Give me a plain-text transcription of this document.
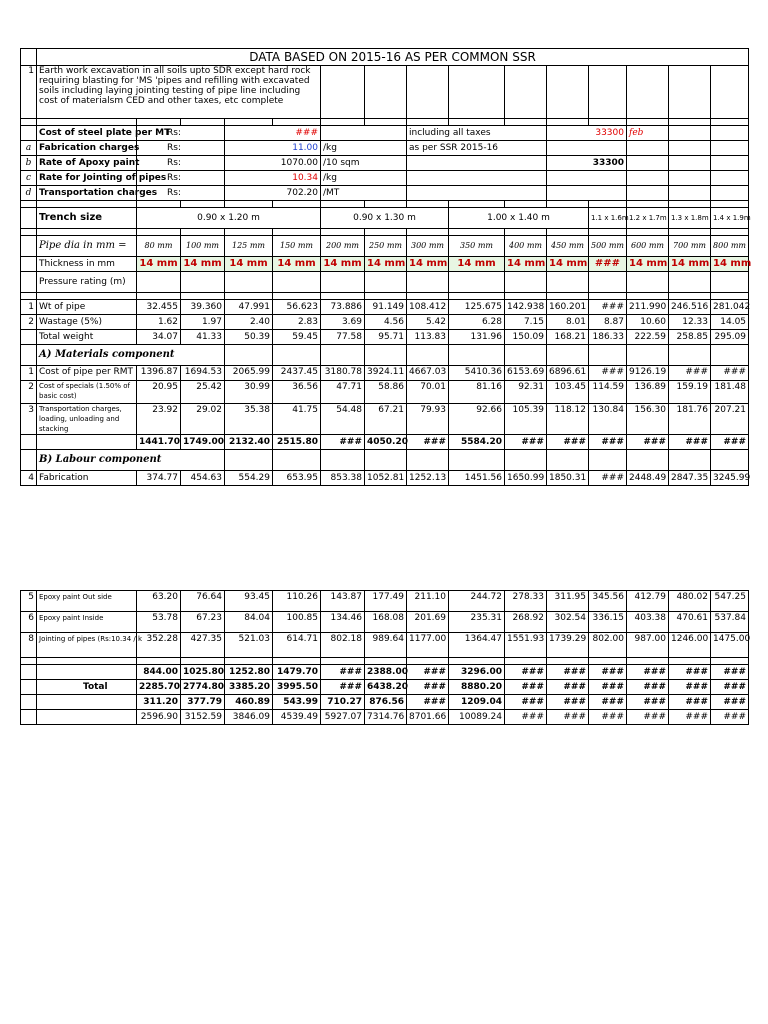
	DATA BASED ON 2015-16 AS PER COMMON SSR															
1	Earth work excavation in all soils upto SDR except hard rock requiring blasting for 'MS 'pipes and refilling with excavated soils including laying jointing testing of pipe line including cost of materialsm CED and other taxes, etc complete															

	Cost of steel plate per MT	Rs:		###				including all taxes			33300		feb			
a	Fabrication charges	Rs:		11.00		/kg		as per SSR 2015-16								
b	Rate of Apoxy paint	Rs:		1070.00		/10 sqm					33300					
c	Rate for Jointing of pipes	Rs:		10.34		/kg										
d	Transportation charges	Rs:		702.20		/MT										

	Trench size	0.90 x 1.20 m				0.90 x 1.30 m			1.00 x 1.40 m			1.1 x 1.6m	1.2 x 1.7m	1.3 x 1.8m	1.4 x 1.9m	

	Pipe dia in mm =	80 mm	100 mm	125 mm	150 mm	200 mm	250 mm	300 mm	350 mm	400 mm	450 mm	500 mm	600 mm	700 mm	800 mm	
	Thickness in mm	14 mm	14 mm	14 mm	14 mm	14 mm	14 mm	14 mm	14 mm	14 mm	14 mm	###	14 mm	14 mm	14 mm	
	Pressure rating (m)															

1	Wt of pipe	32.455	39.360	47.991	56.623	73.886	91.149	108.412	125.675	142.938	160.201	###	211.990	246.516	281.042	
2	Wastage (5%)	1.62	1.97	2.40	2.83	3.69	4.56	5.42	6.28	7.15	8.01	8.87	10.60	12.33	14.05	
	Total weight	34.07	41.33	50.39	59.45	77.58	95.71	113.83	131.96	150.09	168.21	186.33	222.59	258.85	295.09	
	A) Materials component															
1	Cost of pipe per RMT	1396.87	1694.53	2065.99	2437.45	3180.78	3924.11	4667.03	5410.36	6153.69	6896.61	###	9126.19	###	###	
2	Cost of specials (1.50% of basic cost)	20.95	25.42	30.99	36.56	47.71	58.86	70.01	81.16	92.31	103.45	114.59	136.89	159.19	181.48	
3	Transportation charges, loading, unloading and stacking	23.92	29.02	35.38	41.75	54.48	67.21	79.93	92.66	105.39	118.12	130.84	156.30	181.76	207.21	
		1441.70	1749.00	2132.40	2515.80	###	4050.20	###	5584.20	###	###	###	###	###	###	
	B) Labour component															
4	Fabrication	374.77	454.63	554.29	653.95	853.38	1052.81	1252.13	1451.56	1650.99	1850.31	###	2448.49	2847.35	3245.99	
5	Epoxy paint Out side	63.20	76.64	93.45	110.26	143.87	177.49	211.10	244.72	278.33	311.95	345.56	412.79	480.02	547.25
6	Epoxy paint Inside	53.78	67.23	84.04	100.85	134.46	168.08	201.69	235.31	268.92	302.54	336.15	403.38	470.61	537.84
8	Jointing of pipes (Rs:10.34 / k	352.28	427.35	521.03	614.71	802.18	989.64	1177.00	1364.47	1551.93	1739.29	802.00	987.00	1246.00	1475.00

		844.00	1025.80	1252.80	1479.70	###	2388.00	###	3296.00	###	###	###	###	###	###
	Total	2285.70	2774.80	3385.20	3995.50	###	6438.20	###	8880.20	###	###	###	###	###	###
		311.20	377.79	460.89	543.99	710.27	876.56	###	1209.04	###	###	###	###	###	###
		2596.90	3152.59	3846.09	4539.49	5927.07	7314.76	8701.66	10089.24	###	###	###	###	###	###
